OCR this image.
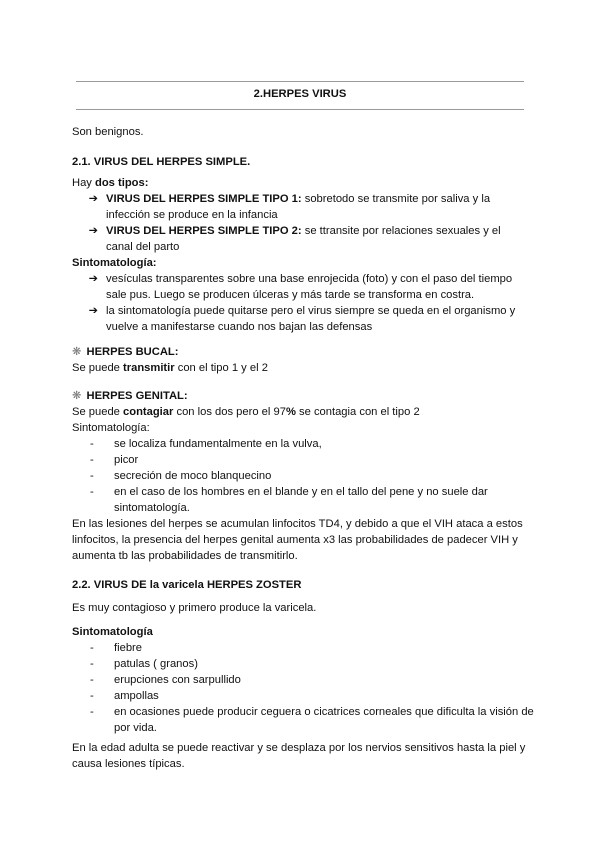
2.HERPES VIRUS
Son benignos.
2.1. VIRUS DEL HERPES SIMPLE.
Hay dos tipos:
➔ VIRUS DEL HERPES SIMPLE TIPO 1: sobretodo se transmite por saliva y la
infección se produce en la infancia
➔ VIRUS DEL HERPES SIMPLE TIPO 2: se ttransite por relaciones sexuales y el
canal del parto
Sintomatología:
➔ vesículas transparentes sobre una base enrojecida (foto) y con el paso del tiempo
sale pus. Luego se producen úlceras y más tarde se transforma en costra.
➔ la sintomatología puede quitarse pero el virus siempre se queda en el organismo y
vuelve a manifestarse cuando nos bajan las defensas
❋ HERPES BUCAL:
Se puede transmitir con el tipo 1 y el 2
❋ HERPES GENITAL:
Se puede contagiar con los dos pero el 97% se contagia con el tipo 2
Sintomatología:
-	se localiza fundamentalmente en la vulva,
-	picor
-	secreción de moco blanquecino
-	en el caso de los hombres en el blande y en el tallo del pene y no suele dar
sintomatología.
En las lesiones del herpes se acumulan linfocitos TD4, y debido a que el VIH ataca a estos
linfocitos, la presencia del herpes genital aumenta x3 las probabilidades de padecer VIH y
aumenta tb las probabilidades de transmitirlo.
2.2. VIRUS DE la varicela HERPES ZOSTER
Es muy contagioso y primero produce la varicela.
Sintomatología
-	fiebre
-	patulas ( granos)
-	erupciones con sarpullido
-	ampollas
-	en ocasiones puede producir ceguera o cicatrices corneales que dificulta la visión de
por vida.
En la edad adulta se puede reactivar y se desplaza por los nervios sensitivos hasta la piel y
causa lesiones típicas.
